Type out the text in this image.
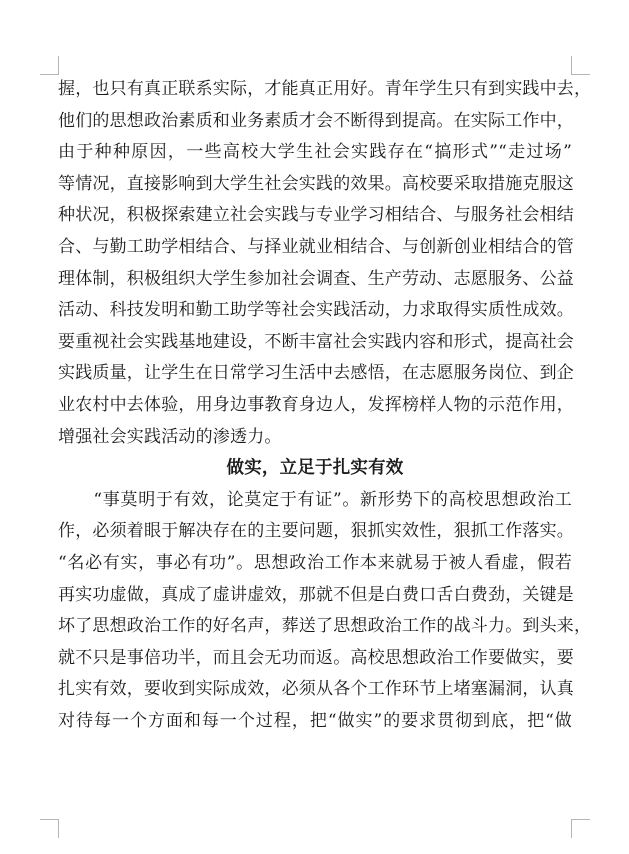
握，也只有真正联系实际，才能真正用好。青年学生只有到实践中去，
他们的思想政治素质和业务素质才会不断得到提高。在实际工作中，
由于种种原因，一些高校大学生社会实践存在“搞形式”“走过场”
等情况，直接影响到大学生社会实践的效果。高校要采取措施克服这
种状况，积极探索建立社会实践与专业学习相结合、与服务社会相结
合、与勤工助学相结合、与择业就业相结合、与创新创业相结合的管
理体制，积极组织大学生参加社会调查、生产劳动、志愿服务、公益
活动、科技发明和勤工助学等社会实践活动，力求取得实质性成效。
要重视社会实践基地建设，不断丰富社会实践内容和形式，提高社会
实践质量，让学生在日常学习生活中去感悟，在志愿服务岗位、到企
业农村中去体验，用身边事教育身边人，发挥榜样人物的示范作用，
增强社会实践活动的渗透力。
做实，立足于扎实有效
　　“事莫明于有效，论莫定于有证”。新形势下的高校思想政治工
作，必须着眼于解决存在的主要问题，狠抓实效性，狠抓工作落实。
“名必有实，事必有功”。思想政治工作本来就易于被人看虚，假若
再实功虚做，真成了虚讲虚效，那就不但是白费口舌白费劲，关键是
坏了思想政治工作的好名声，葬送了思想政治工作的战斗力。到头来，
就不只是事倍功半，而且会无功而返。高校思想政治工作要做实，要
扎实有效，要收到实际成效，必须从各个工作环节上堵塞漏洞，认真
对待每一个方面和每一个过程，把“做实”的要求贯彻到底，把“做
